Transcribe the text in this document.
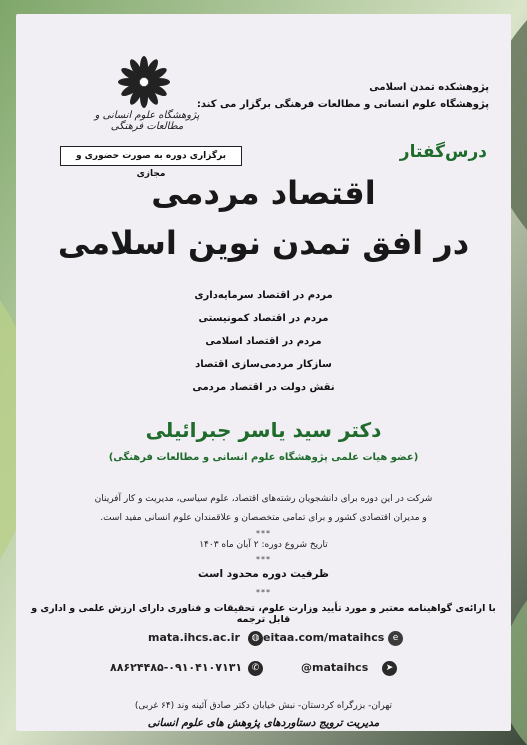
پژوهشگاه علوم انسانی و مطالعات فرهنگی
پژوهشکده تمدن اسلامی
پژوهشگاه علوم انسانی و مطالعات فرهنگی برگزار می کند:
برگزاری دوره به صورت حضوری و مجازی
درس‌گفتار
اقتصاد مردمی
در افق تمدن نوین اسلامی
مردم در اقتصاد سرمایه‌داری
مردم در اقتصاد کمونیستی
مردم در اقتصاد اسلامی
سازکار مردمی‌سازی اقتصاد
نقش دولت در اقتصاد مردمی
دکتر سید یاسر جبرائیلی
(عضو هیات علمی پژوهشگاه علوم انسانی و مطالعات فرهنگی)
شرکت در این دوره برای دانشجویان رشته‌های اقتصاد، علوم سیاسی، مدیریت و کار آفرینان
و مدیران اقتصادی کشور و برای تمامی متخصصان و علاقمندان علوم انسانی مفید است.
***
تاریخ شروع دوره: ۲ آبان ماه ۱۴۰۳
***
ظرفیت دوره محدود است
***
با ارائه‌ی گواهینامه معتبر و مورد تأیید وزارت علوم، تحقیقات و فناوری دارای ارزش علمی و اداری و قابل ترجمه
◍
mata.ihcs.ac.ir	e
eitaa.com/mataihcs
✆
۸۸۶۲۴۴۸۵-۰۹۱۰۴۱۰۷۱۳۱	➤
@mataihcs
تهران- بزرگراه کردستان- نبش خیابان دکتر صادق آئینه وند (۶۴ غربی)
مدیریت ترویج دستاوردهای پژوهش های علوم انسانی
